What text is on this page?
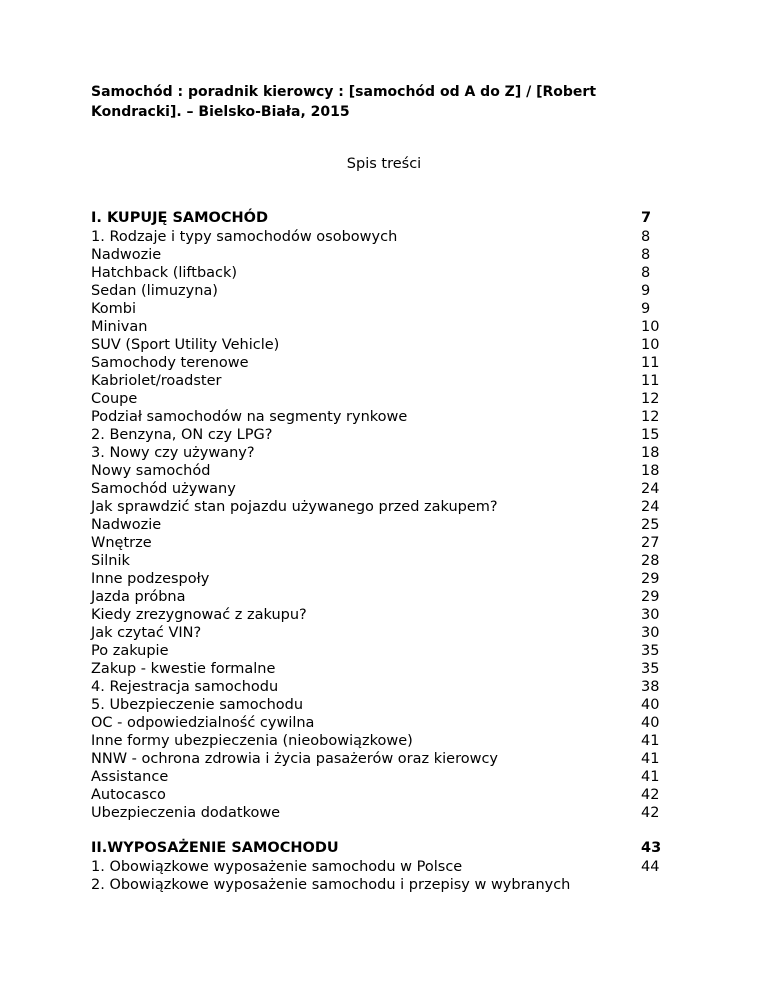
Samochód : poradnik kierowcy : [samochód od A do Z] / [Robert
Kondracki]. – Bielsko-Biała, 2015
Spis treści
I. KUPUJĘ SAMOCHÓD	7
1. Rodzaje i typy samochodów osobowych	8
Nadwozie	8
Hatchback (liftback)	8
Sedan (limuzyna)	9
Kombi	9
Minivan	10
SUV (Sport Utility Vehicle)	10
Samochody terenowe	11
Kabriolet/roadster	11
Coupe	12
Podział samochodów na segmenty rynkowe	12
2. Benzyna, ON czy LPG?	15
3. Nowy czy używany?	18
Nowy samochód	18
Samochód używany	24
Jak sprawdzić stan pojazdu używanego przed zakupem?	24
Nadwozie	25
Wnętrze	27
Silnik	28
Inne podzespoły	29
Jazda próbna	29
Kiedy zrezygnować z zakupu?	30
Jak czytać VIN?	30
Po zakupie	35
Zakup - kwestie formalne	35
4. Rejestracja samochodu	38
5. Ubezpieczenie samochodu	40
OC - odpowiedzialność cywilna	40
Inne formy ubezpieczenia (nieobowiązkowe)	41
NNW - ochrona zdrowia i życia pasażerów oraz kierowcy	41
Assistance	41
Autocasco	42
Ubezpieczenia dodatkowe	42
II.WYPOSAŻENIE SAMOCHODU	43
1. Obowiązkowe wyposażenie samochodu w Polsce	44
2. Obowiązkowe wyposażenie samochodu i przepisy w wybranych
